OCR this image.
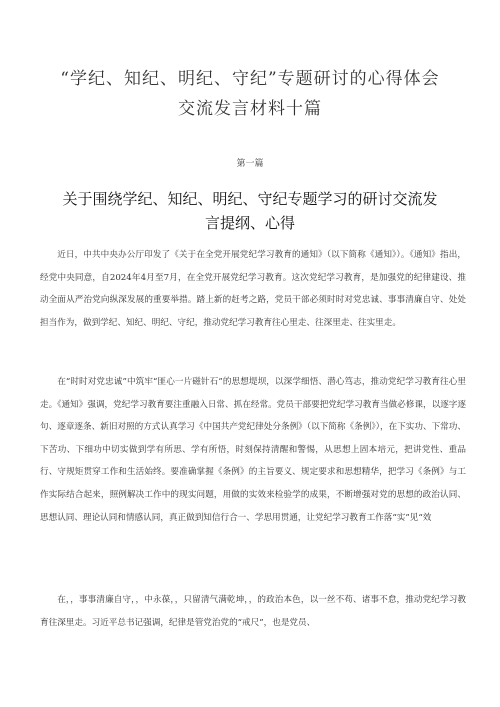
“学纪、知纪、明纪、守纪”专题研讨的心得体会
交流发言材料十篇
第一篇
关于围绕学纪、知纪、明纪、守纪专题学习的研讨交流发
言提纲、心得

近日，中共中央办公厅印发了《关于在全党开展党纪学习教育的通知》（以下简称《通知》）。《通知》指出，经党中央同意，自2024年4月至7月，在全党开展党纪学习教育。这次党纪学习教育，是加强党的纪律建设、推动全面从严治党向纵深发展的重要举措。踏上新的赶考之路，党员干部必须时时对党忠诚、事事清廉自守、处处担当作为，做到学纪、知纪、明纪、守纪，推动党纪学习教育往心里走、往深里走、往实里走。

在“时时对党忠诚”中筑牢“匪心一片磁针石”的思想堤坝，以深学细悟、潜心笃志，推动党纪学习教育往心里走。《通知》强调，党纪学习教育要注重融入日常、抓在经常。党员干部要把党纪学习教育当做必修课，以逐字逐句、逐章逐条、新旧对照的方式认真学习《中国共产党纪律处分条例》（以下简称《条例》），在下实功、下常功、下苦功、下细功中切实做到学有所思、学有所悟，时刻保持清醒和警惕，从思想上固本培元，把讲党性、重品行、守规矩贯穿工作和生活始终。要准确掌握《条例》的主旨要义、规定要求和思想精华，把学习《条例》与工作实际结合起来，照例解决工作中的现实问题，用做的实效来检验学的成果，不断增强对党的思想的政治认同、思想认同、理论认同和情感认同，真正做到知信行合一、学思用贯通，让党纪学习教育工作落“实”见“效

在，，事事清廉自守，，中永葆，，只留清气满乾坤，，的政治本色，以一丝不苟、诸事不怠，推动党纪学习教育往深里走。习近平总书记强调，纪律是管党治党的“戒尺”，也是党员、
